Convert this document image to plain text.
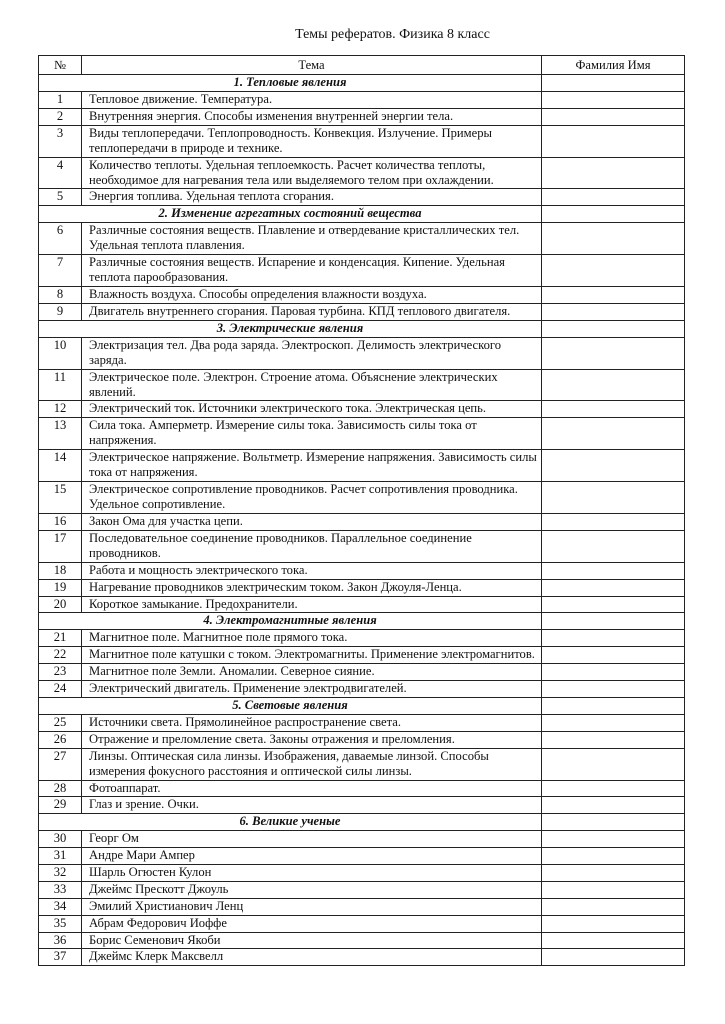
Темы рефератов. Физика 8 класс
№	Тема	Фамилия Имя
1. Тепловые явления		
1	Тепловое движение. Температура.	
2	Внутренняя энергия. Способы изменения внутренней энергии тела.	
3	Виды теплопередачи. Теплопроводность. Конвекция. Излучение. Примеры теплопередачи в природе и технике.	
4	Количество теплоты. Удельная теплоемкость. Расчет количества теплоты, необходимое для нагревания тела или выделяемого телом при охлаждении.	
5	Энергия топлива. Удельная теплота сгорания.	
2. Изменение агрегатных состояний вещества		
6	Различные состояния веществ. Плавление и отвердевание кристаллических тел. Удельная теплота плавления.	
7	Различные состояния веществ. Испарение и конденсация. Кипение. Удельная теплота парообразования.	
8	Влажность воздуха. Способы определения влажности воздуха.	
9	Двигатель внутреннего сгорания. Паровая турбина. КПД теплового двигателя.	
3. Электрические явления		
10	Электризация тел. Два рода заряда. Электроскоп. Делимость электрического заряда.	
11	Электрическое поле. Электрон. Строение атома. Объяснение электрических явлений.	
12	Электрический ток. Источники электрического тока. Электрическая цепь.	
13	Сила тока. Амперметр. Измерение силы тока. Зависимость силы тока от напряжения.	
14	Электрическое напряжение. Вольтметр. Измерение напряжения. Зависимость силы тока от напряжения.	
15	Электрическое сопротивление проводников. Расчет сопротивления проводника. Удельное сопротивление.	
16	Закон Ома для участка цепи.	
17	Последовательное соединение проводников. Параллельное соединение проводников.	
18	Работа и мощность электрического тока.	
19	Нагревание проводников электрическим током. Закон Джоуля-Ленца.	
20	Короткое замыкание. Предохранители.	
4. Электромагнитные явления		
21	Магнитное поле. Магнитное поле прямого тока.	
22	Магнитное поле катушки с током. Электромагниты. Применение электромагнитов.	
23	Магнитное поле Земли. Аномалии. Северное сияние.	
24	Электрический двигатель. Применение электродвигателей.	
5. Световые явления		
25	Источники света. Прямолинейное распространение света.	
26	Отражение и преломление света. Законы отражения и преломления.	
27	Линзы. Оптическая сила линзы. Изображения, даваемые линзой. Способы измерения фокусного расстояния и оптической силы линзы.	
28	Фотоаппарат.	
29	Глаз и зрение. Очки.	
6. Великие ученые		
30	Георг Ом	
31	Андре Мари Ампер	
32	Шарль Огюстен Кулон	
33	Джеймс Прескотт Джоуль	
34	Эмилий Христианович Ленц	
35	Абрам Федорович Иоффе	
36	Борис Семенович Якоби	
37	Джеймс Клерк Максвелл	
